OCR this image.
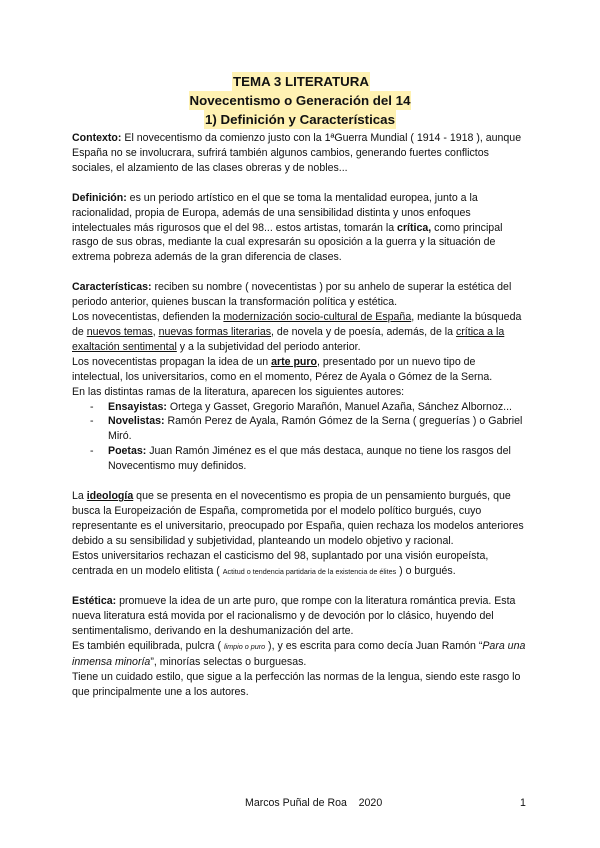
TEMA 3 LITERATURA
Novecentismo o Generación del 14
1) Definición y Características

Contexto: El novecentismo da comienzo justo con la 1ªGuerra Mundial ( 1914 - 1918 ), aunque España no se involucrara, sufrirá también algunos cambios, generando fuertes conflictos sociales, el alzamiento de las clases obreras y de nobles...

Definición: es un periodo artístico en el que se toma la mentalidad europea, junto a la racionalidad, propia de Europa, además de una sensibilidad distinta y unos enfoques intelectuales más rigurosos que el del 98... estos artistas, tomarán la crítica, como principal rasgo de sus obras, mediante la cual expresarán su oposición a la guerra y la situación de extrema pobreza además de la gran diferencia de clases.

Características: reciben su nombre ( novecentistas ) por su anhelo de superar la estética del periodo anterior, quienes buscan la transformación política y estética.

Los novecentistas, defienden la modernización socio-cultural de España, mediante la búsqueda de nuevos temas, nuevas formas literarias, de novela y de poesía, además, de la crítica a la exaltación sentimental y a la subjetividad del periodo anterior.

Los novecentistas propagan la idea de un arte puro, presentado por un nuevo tipo de intelectual, los universitarios, como en el momento, Pérez de Ayala o Gómez de la Serna.

En las distintas ramas de la literatura, aparecen los siguientes autores:

- Ensayistas: Ortega y Gasset, Gregorio Marañón, Manuel Azaña, Sánchez Albornoz...
- Novelistas: Ramón Perez de Ayala, Ramón Gómez de la Serna ( greguerías ) o Gabriel Miró.
- Poetas: Juan Ramón Jiménez es el que más destaca, aunque no tiene los rasgos del Novecentismo muy definidos.

La ideología que se presenta en el novecentismo es propia de un pensamiento burgués, que busca la Europeización de España, comprometida por el modelo político burgués, cuyo representante es el universitario, preocupado por España, quien rechaza los modelos anteriores debido a su sensibilidad y subjetividad, planteando un modelo objetivo y racional.

Estos universitarios rechazan el casticismo del 98, suplantado por una visión europeísta, centrada en un modelo elitista ( Actitud o tendencia partidaria de la existencia de élites ) o burgués.

Estética: promueve la idea de un arte puro, que rompe con la literatura romántica previa. Esta nueva literatura está movida por el racionalismo y de devoción por lo clásico, huyendo del sentimentalismo, derivando en la deshumanización del arte.

Es también equilibrada, pulcra ( limpio o puro ), y es escrita para como decía Juan Ramón “Para una inmensa minoría”, minorías selectas o burguesas.

Tiene un cuidado estilo, que sigue a la perfección las normas de la lengua, siendo este rasgo lo que principalmente une a los autores.

Marcos Puñal de Roa    2020	1
